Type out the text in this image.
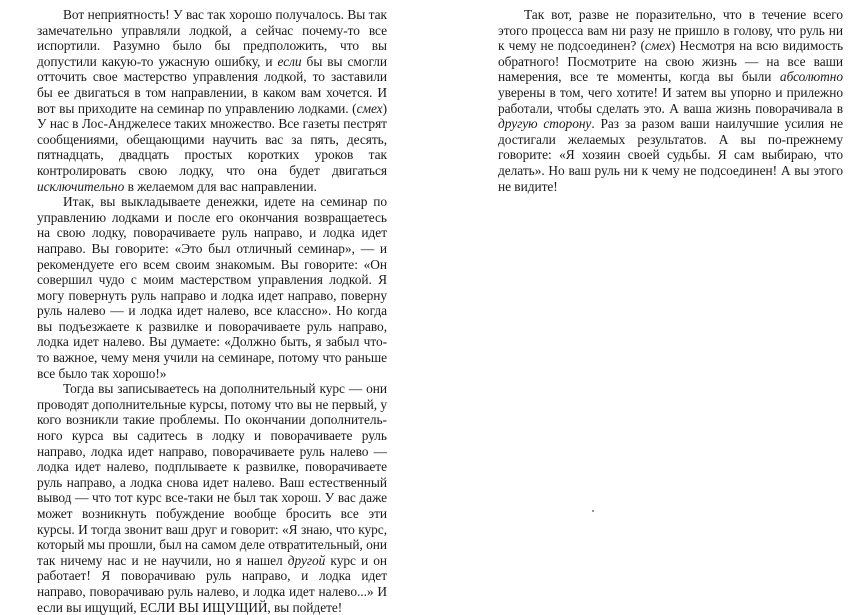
Вот неприятность! У вас так хорошо получалось. Вы так замечательно управляли лодкой, а сейчас почему-то все испортили. Разумно было бы предположить, что вы допустили какую-то ужасную ошибку, и если бы вы смогли отточить свое мастерство управления лодкой, то заставили бы ее двигаться в том направлении, в каком вам хочется. И вот вы приходите на семинар по управлению лодками. (смех) У нас в Лос-Анджелесе таких множество. Все газеты пестрят сообщениями, обещающими научить вас за пять, десять, пятнадцать, двадцать простых коротких уроков так контролировать свою лодку, что она будет двигаться исключительно в желаемом для вас направлении.

Итак, вы выкладываете денежки, идете на семинар по управлению лодками и после его окончания возвращаетесь на свою лодку, поворачиваете руль направо, и лодка идет направо. Вы говорите: «Это был отличный семинар», — и рекомендуете его всем своим знакомым. Вы говорите: «Он совершил чудо с моим мастерством управления лодкой. Я могу повернуть руль направо и лодка идет направо, поверну руль налево — и лодка идет налево, все классно». Но когда вы подъезжаете к развилке и поворачиваете руль направо, лодка идет налево. Вы думаете: «Должно быть, я забыл что-то важное, чему меня учили на семинаре, потому что раньше все было так хорошо!»

Тогда вы записываетесь на дополнительный курс — они проводят дополнительные курсы, потому что вы не первый, у кого возникли такие проблемы. По окончании дополнительного курса вы садитесь в лодку и поворачиваете руль направо, лодка идет направо, поворачиваете руль налево — лодка идет налево, подплываете к развилке, поворачиваете руль направо, а лодка снова идет налево. Ваш естественный вывод — что тот курс все-таки не был так хорош. У вас даже может возникнуть побуждение вообще бросить все эти курсы. И тогда звонит ваш друг и говорит: «Я знаю, что курс, который мы прошли, был на самом деле отвратительный, они так ничему нас и не научили, но я нашел другой курс и он работает! Я поворачиваю руль направо, и лодка идет направо, поворачиваю руль налево, и лодка идет налево...» И если вы ищущий, ЕСЛИ ВЫ ИЩУЩИЙ, вы пойдете!

Так вот, разве не поразительно, что в течение всего этого процесса вам ни разу не пришло в голову, что руль ни к чему не подсоединен? (смех) Несмотря на всю видимость обратного! Посмотрите на свою жизнь — на все ваши намерения, все те моменты, когда вы были абсолютно уверены в том, чего хотите! И затем вы упорно и прилежно работали, чтобы сделать это. А ваша жизнь поворачивала в другую сторону. Раз за разом ваши наилучшие усилия не достигали желаемых результатов. А вы по-прежнему говорите: «Я хозяин своей судьбы. Я сам выбираю, что делать». Но ваш руль ни к чему не подсоединен! А вы этого не видите!
